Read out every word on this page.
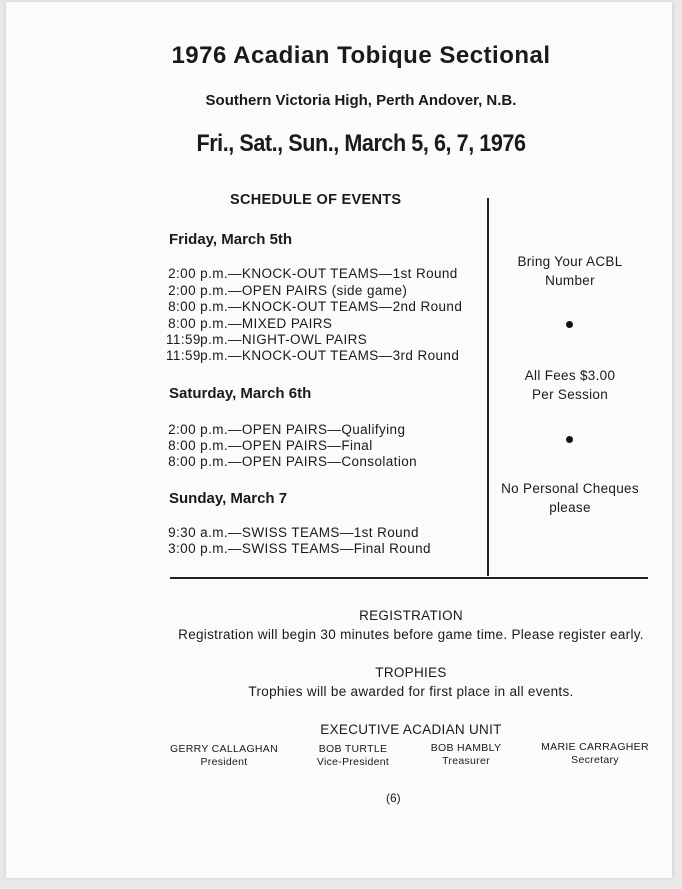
1976 Acadian Tobique Sectional
Southern Victoria High, Perth Andover, N.B.
Fri., Sat., Sun., March 5, 6, 7, 1976
SCHEDULE OF EVENTS
Friday, March 5th
2:00 p.m.—KNOCK-OUT TEAMS—1st Round
2:00 p.m.—OPEN PAIRS (side game)
8:00 p.m.—KNOCK-OUT TEAMS—2nd Round
8:00 p.m.—MIXED PAIRS
11:59 p.m.—NIGHT-OWL PAIRS
11:59 p.m.—KNOCK-OUT TEAMS—3rd Round
Saturday, March 6th
2:00 p.m.—OPEN PAIRS—Qualifying
8:00 p.m.—OPEN PAIRS—Final
8:00 p.m.—OPEN PAIRS—Consolation
Sunday, March 7
9:30 a.m.—SWISS TEAMS—1st Round
3:00 p.m.—SWISS TEAMS—Final Round
Bring Your ACBL
Number
All Fees $3.00
Per Session
No Personal Cheques
please
REGISTRATION
Registration will begin 30 minutes before game time. Please register early.
TROPHIES
Trophies will be awarded for first place in all events.
EXECUTIVE ACADIAN UNIT
GERRY CALLAGHAN
President
BOB TURTLE
Vice-President
BOB HAMBLY
Treasurer
MARIE CARRAGHER
Secretary
(6)
